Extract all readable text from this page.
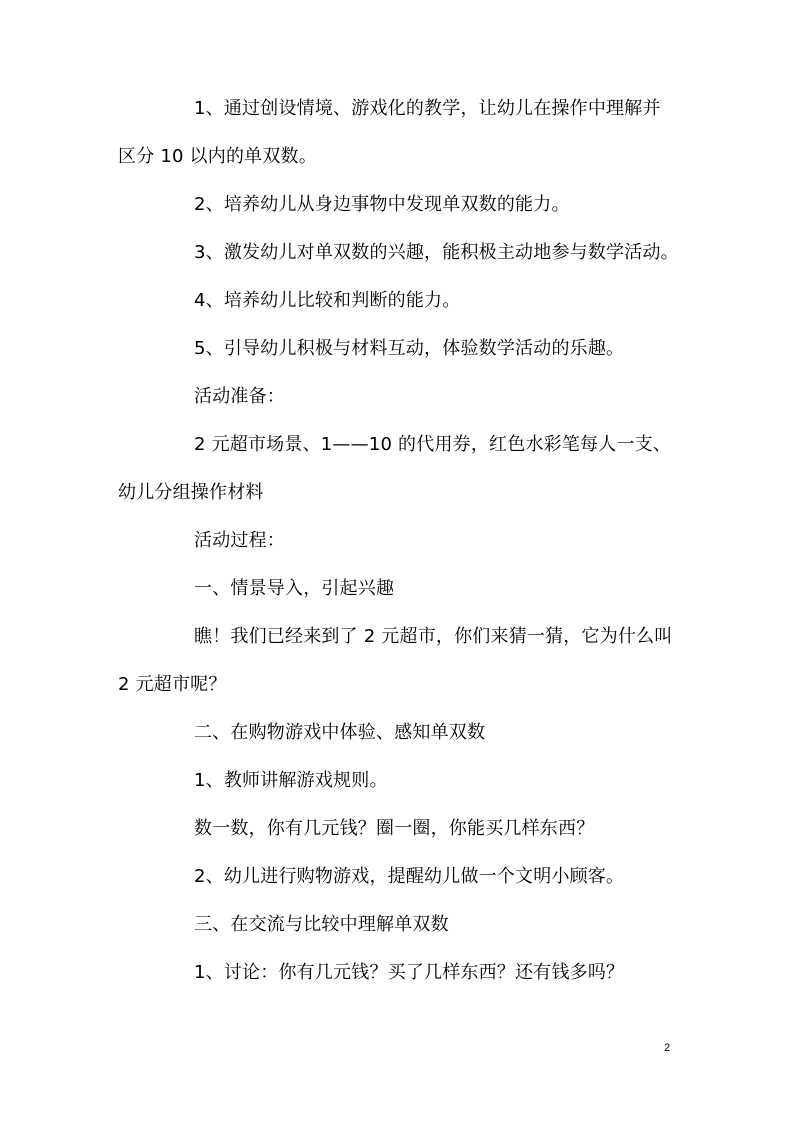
1、通过创设情境、游戏化的教学，让幼儿在操作中理解并
区分 10 以内的单双数。
2、培养幼儿从身边事物中发现单双数的能力。
3、激发幼儿对单双数的兴趣，能积极主动地参与数学活动。
4、培养幼儿比较和判断的能力。
5、引导幼儿积极与材料互动，体验数学活动的乐趣。
活动准备：
2 元超市场景、1——10 的代用券，红色水彩笔每人一支、
幼儿分组操作材料
活动过程：
一、情景导入，引起兴趣
瞧！我们已经来到了 2 元超市，你们来猜一猜，它为什么叫
2 元超市呢？
二、在购物游戏中体验、感知单双数
1、教师讲解游戏规则。
数一数，你有几元钱？圈一圈，你能买几样东西？
2、幼儿进行购物游戏，提醒幼儿做一个文明小顾客。
三、在交流与比较中理解单双数
1、讨论：你有几元钱？买了几样东西？还有钱多吗？
2
